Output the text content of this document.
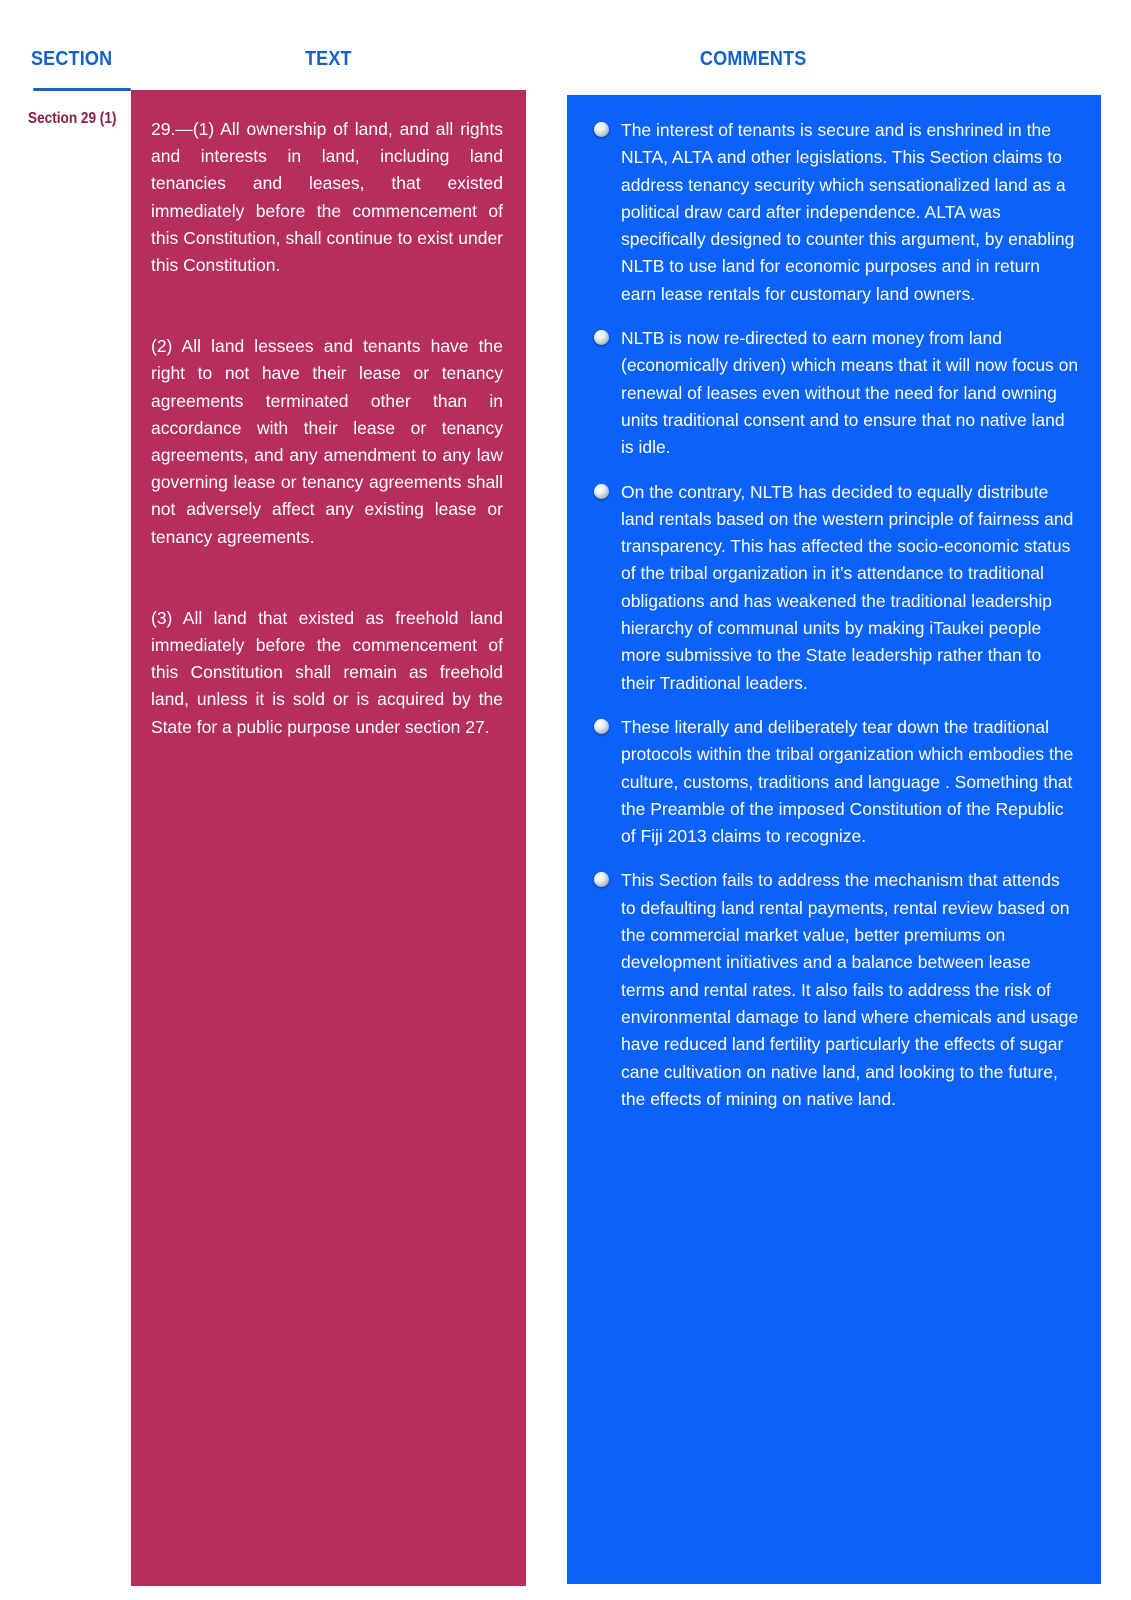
SECTION	TEXT	COMMENTS
Section 29 (1)

29.—(1) All ownership of land, and all rights and interests in land, including land tenancies and leases, that existed immediately before the commencement of this Constitution, shall continue to exist under this Constitution.

(2) All land lessees and tenants have the right to not have their lease or tenancy agreements terminated other than in accordance with their lease or tenancy agreements, and any amendment to any law governing lease or tenancy agreements shall not adversely affect any existing lease or tenancy agreements.

(3) All land that existed as freehold land immediately before the commencement of this Constitution shall remain as freehold land, unless it is sold or is acquired by the State for a public purpose under section 27.

The interest of tenants is secure and is enshrined in the NLTA, ALTA and other legislations. This Section claims to address tenancy security which sensationalized land as a political draw card after independence. ALTA was specifically designed to counter this argument, by enabling NLTB to use land for economic purposes and in return earn lease rentals for customary land owners.
NLTB is now re-directed to earn money from land (economically driven) which means that it will now focus on renewal of leases even without the need for land owning units traditional consent and to ensure that no native land is idle.
On the contrary, NLTB has decided to equally distribute land rentals based on the western principle of fairness and transparency. This has affected the socio-economic status of the tribal organization in it’s attendance to traditional obligations and has weakened the traditional leadership hierarchy of communal units by making iTaukei people more submissive to the State leadership rather than to their Traditional leaders.
These literally and deliberately tear down the traditional protocols within the tribal organization which embodies the culture, customs, traditions and language . Something that the Preamble of the imposed Constitution of the Republic of Fiji 2013 claims to recognize.
This Section fails to address the mechanism that attends to defaulting land rental payments, rental review based on the commercial market value, better premiums on development initiatives and a balance between lease terms and rental rates. It also fails to address the risk of environmental damage to land where chemicals and usage have reduced land fertility particularly the effects of sugar cane cultivation on native land, and looking to the future, the effects of mining on native land.
